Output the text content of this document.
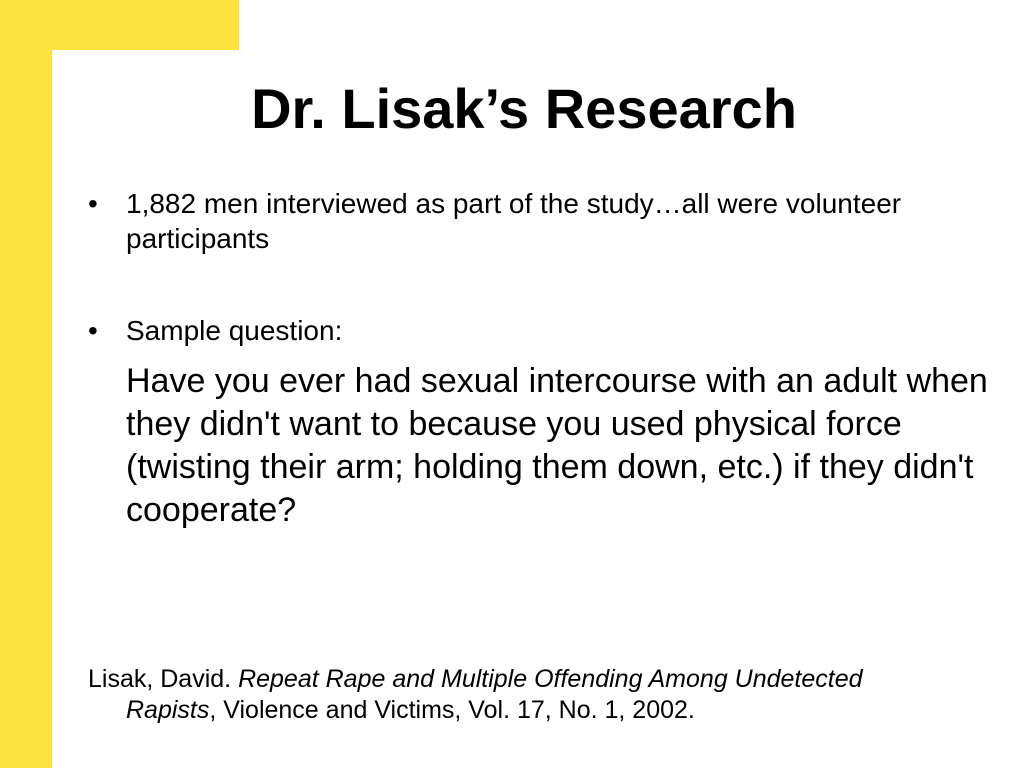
Dr. Lisak’s Research
•	1,882 men interviewed as part of the study…all were volunteer participants
•	Sample question:
Have you ever had sexual intercourse with an adult when they didn't want to because you used physical force (twisting their arm; holding them down, etc.) if they didn't cooperate?
Lisak, David. Repeat Rape and Multiple Offending Among Undetected
Rapists, Violence and Victims, Vol. 17, No. 1, 2002.
